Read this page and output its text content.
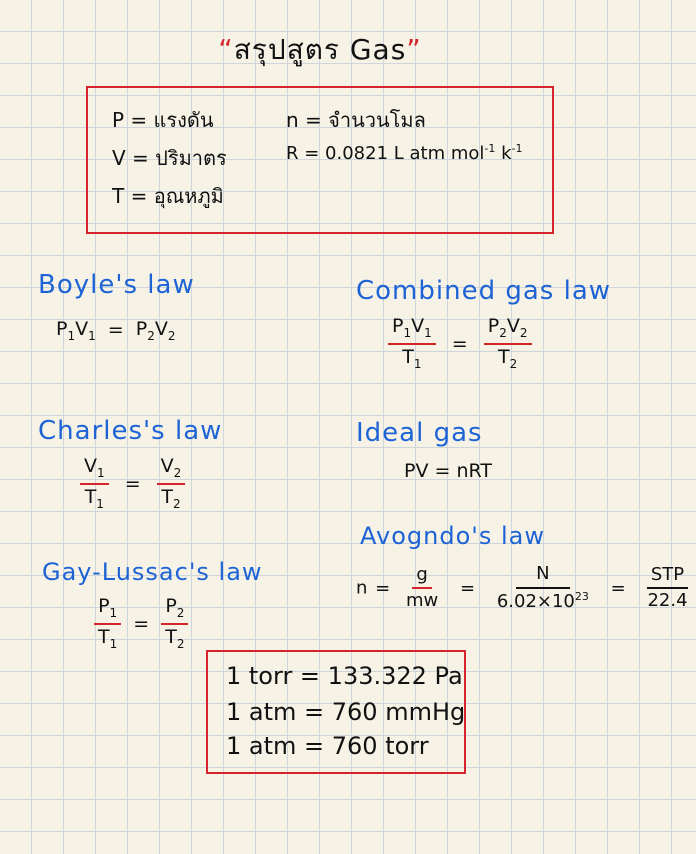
“สรุปสูตร Gas”
P = แรงดัน
V = ปริมาตร
T = อุณหภูมิ
n = จำนวนโมล
R = 0.0821 L atm mol$^{-1}$ $k^{-1}$
Boyle's law
$P_1V_1 = P_2V_2$
Combined gas law
$\frac{P_1V_1}{T_1} = \frac{P_2V_2}{T_2}$
Charles's law
$\frac{V_1}{T_1} = \frac{V_2}{T_2}$
Ideal gas
PV = nRT
Avogndo's law
$n = \frac{g}{mw} = \frac{N}{6.02\times 10^{23}} = \frac{\text{STP}}{22.4}$
Gay-Lussac's law
$\frac{P_1}{T_1} = \frac{P_2}{T_2}$
1 torr = 133.322 Pa
1 atm = 760 mmHg
1 atm = 760 torr
